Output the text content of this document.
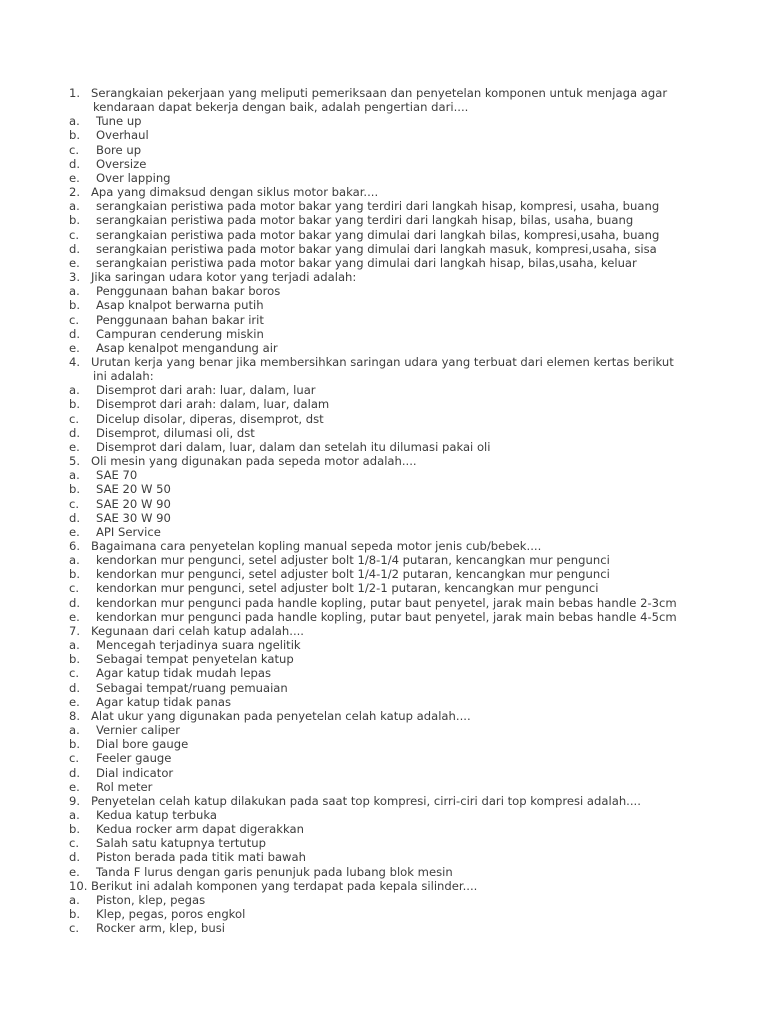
1. Serangkaian pekerjaan yang meliputi pemeriksaan dan penyetelan komponen untuk menjaga agar
kendaraan dapat bekerja dengan baik, adalah pengertian dari....
a.	Tune up
b.	Overhaul
c.	Bore up
d.	Oversize
e.	Over lapping
2. Apa yang dimaksud dengan siklus motor bakar....
a.	serangkaian peristiwa pada motor bakar yang terdiri dari langkah hisap, kompresi, usaha, buang
b.	serangkaian peristiwa pada motor bakar yang terdiri dari langkah hisap, bilas, usaha, buang
c.	serangkaian peristiwa pada motor bakar yang dimulai dari langkah bilas, kompresi,usaha, buang
d.	serangkaian peristiwa pada motor bakar yang dimulai dari langkah masuk, kompresi,usaha, sisa
e.	serangkaian peristiwa pada motor bakar yang dimulai dari langkah hisap, bilas,usaha, keluar
3. Jika saringan udara kotor yang terjadi adalah:
a.	Penggunaan bahan bakar boros
b.	Asap knalpot berwarna putih
c.	Penggunaan bahan bakar irit
d.	Campuran cenderung miskin
e.	Asap kenalpot mengandung air
4. Urutan kerja yang benar jika membersihkan saringan udara yang terbuat dari elemen kertas berikut
ini adalah:
a.	Disemprot dari arah: luar, dalam, luar
b.	Disemprot dari arah: dalam, luar, dalam
c.	Dicelup disolar, diperas, disemprot, dst
d.	Disemprot, dilumasi oli, dst
e.	Disemprot dari dalam, luar, dalam dan setelah itu dilumasi pakai oli
5. Oli mesin yang digunakan pada sepeda motor adalah....
a.	SAE 70
b.	SAE 20 W 50
c.	SAE 20 W 90
d.	SAE 30 W 90
e.	API Service
6. Bagaimana cara penyetelan kopling manual sepeda motor jenis cub/bebek....
a.	kendorkan mur pengunci, setel adjuster bolt 1/8-1/4 putaran, kencangkan mur pengunci
b.	kendorkan mur pengunci, setel adjuster bolt 1/4-1/2 putaran, kencangkan mur pengunci
c.	kendorkan mur pengunci, setel adjuster bolt 1/2-1 putaran, kencangkan mur pengunci
d.	kendorkan mur pengunci pada handle kopling, putar baut penyetel, jarak main bebas handle 2-3cm
e.	kendorkan mur pengunci pada handle kopling, putar baut penyetel, jarak main bebas handle 4-5cm
7. Kegunaan dari celah katup adalah....
a.	Mencegah terjadinya suara ngelitik
b.	Sebagai tempat penyetelan katup
c.	Agar katup tidak mudah lepas
d.	Sebagai tempat/ruang pemuaian
e.	Agar katup tidak panas
8. Alat ukur yang digunakan pada penyetelan celah katup adalah....
a.	Vernier caliper
b.	Dial bore gauge
c.	Feeler gauge
d.	Dial indicator
e.	Rol meter
9. Penyetelan celah katup dilakukan pada saat top kompresi, cirri-ciri dari top kompresi adalah....
a.	Kedua katup terbuka
b.	Kedua rocker arm dapat digerakkan
c.	Salah satu katupnya tertutup
d.	Piston berada pada titik mati bawah
e.	Tanda F lurus dengan garis penunjuk pada lubang blok mesin
10. Berikut ini adalah komponen yang terdapat pada kepala silinder....
a.	Piston, klep, pegas
b.	Klep, pegas, poros engkol
c.	Rocker arm, klep, busi
